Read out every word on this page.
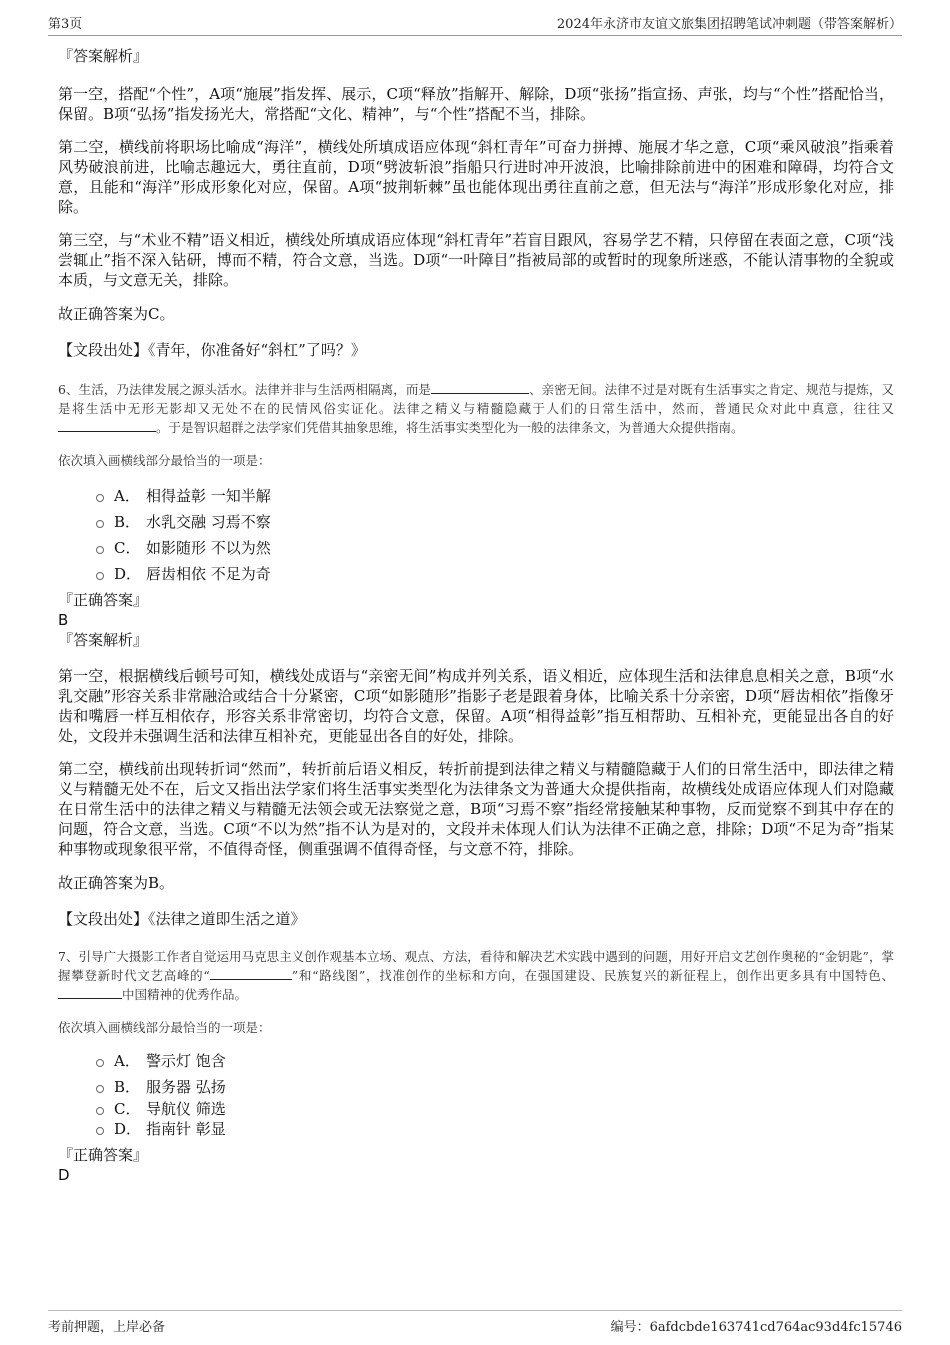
第3页	2024年永济市友谊文旅集团招聘笔试冲刺题（带答案解析）

『答案解析』

第一空，搭配“个性”，A项“施展”指发挥、展示，C项“释放”指解开、解除，D项“张扬”指宣扬、声张，均与“个性”搭配恰当，保留。B项“弘扬”指发扬光大，常搭配“文化、精神”，与“个性”搭配不当，排除。

第二空，横线前将职场比喻成“海洋”，横线处所填成语应体现“斜杠青年”可奋力拼搏、施展才华之意，C项“乘风破浪”指乘着风势破浪前进，比喻志趣远大，勇往直前，D项“劈波斩浪”指船只行进时冲开波浪，比喻排除前进中的困难和障碍，均符合文意，且能和“海洋”形成形象化对应，保留。A项“披荆斩棘”虽也能体现出勇往直前之意，但无法与“海洋”形成形象化对应，排除。

第三空，与“术业不精”语义相近，横线处所填成语应体现“斜杠青年”若盲目跟风，容易学艺不精，只停留在表面之意，C项“浅尝辄止”指不深入钻研，博而不精，符合文意，当选。D项“一叶障目”指被局部的或暂时的现象所迷惑，不能认清事物的全貌或本质，与文意无关，排除。

故正确答案为C。

【文段出处】《青年，你准备好“斜杠”了吗？》

6、生活，乃法律发展之源头活水。法律并非与生活两相隔离，而是	、亲密无间。法律不过是对既有生活事实之肯定、规范与提炼，又是将生活中无形无影却又无处不在的民情风俗实证化。法律之精义与精髓隐藏于人们的日常生活中，然而，普通民众对此中真意，往往又。于是智识超群之法学家们凭借其抽象思维，将生活事实类型化为一般的法律条文，为普通大众提供指南。

依次填入画横线部分最恰当的一项是：

A． 相得益彰 一知半解
B． 水乳交融 习焉不察
C． 如影随形 不以为然
D． 唇齿相依 不足为奇

『正确答案』

B

『答案解析』

第一空，根据横线后顿号可知，横线处成语与“亲密无间”构成并列关系，语义相近，应体现生活和法律息息相关之意，B项“水乳交融”形容关系非常融洽或结合十分紧密，C项“如影随形”指影子老是跟着身体，比喻关系十分亲密，D项“唇齿相依”指像牙齿和嘴唇一样互相依存，形容关系非常密切，均符合文意，保留。A项“相得益彰”指互相帮助、互相补充，更能显出各自的好处，文段并未强调生活和法律互相补充，更能显出各自的好处，排除。

第二空，横线前出现转折词“然而”，转折前后语义相反，转折前提到法律之精义与精髓隐藏于人们的日常生活中，即法律之精义与精髓无处不在，后文又指出法学家们将生活事实类型化为法律条文为普通大众提供指南，故横线处成语应体现人们对隐藏在日常生活中的法律之精义与精髓无法领会或无法察觉之意，B项“习焉不察”指经常接触某种事物，反而觉察不到其中存在的问题，符合文意，当选。C项“不以为然”指不认为是对的，文段并未体现人们认为法律不正确之意，排除；D项“不足为奇”指某种事物或现象很平常，不值得奇怪，侧重强调不值得奇怪，与文意不符，排除。

故正确答案为B。

【文段出处】《法律之道即生活之道》

7、引导广大摄影工作者自觉运用马克思主义创作观基本立场、观点、方法，看待和解决艺术实践中遇到的问题，用好开启文艺创作奥秘的“金钥匙”，掌握攀登新时代文艺高峰的“	”和“路线图”，找准创作的坐标和方向，在强国建设、民族复兴的新征程上，创作出更多具有中国特色、中国精神的优秀作品。

依次填入画横线部分最恰当的一项是：

A． 警示灯 饱含
B． 服务器 弘扬
C． 导航仪 筛选
D． 指南针 彰显

『正确答案』

D

考前押题，上岸必备	编号：6afdcbde163741cd764ac93d4fc15746
